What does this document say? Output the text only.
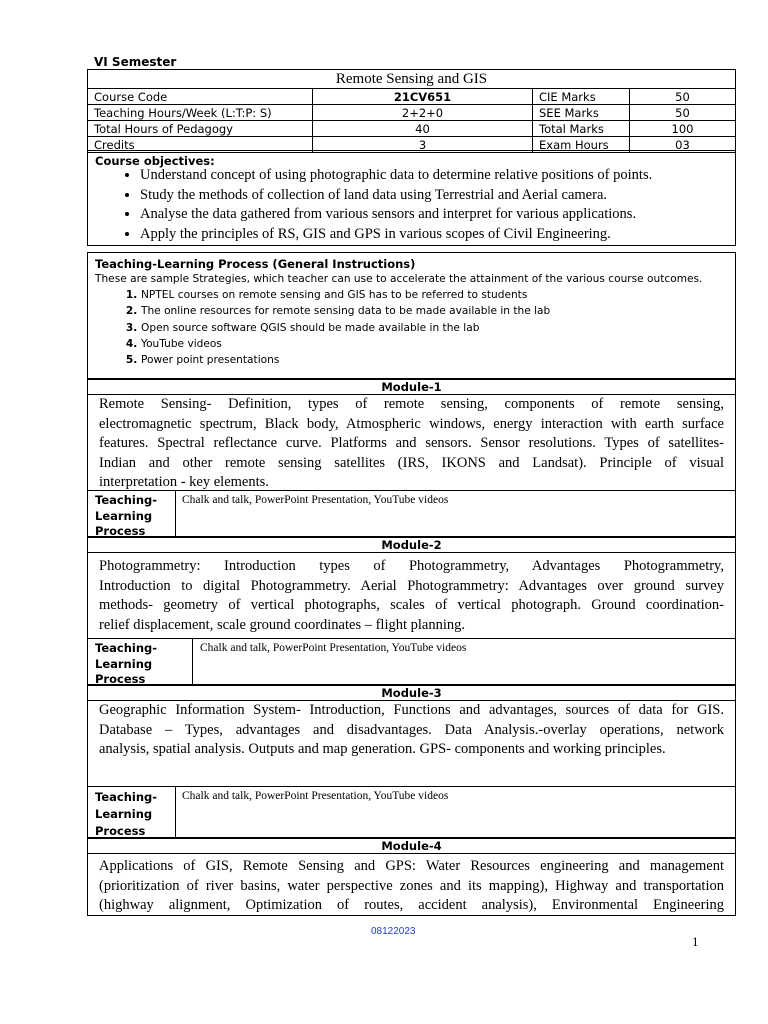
VI Semester
Remote Sensing and GIS			
Course Code	21CV651	CIE Marks	50
Teaching Hours/Week (L:T:P: S)	2+2+0	SEE Marks	50
Total Hours of Pedagogy	40	Total Marks	100
Credits	3	Exam Hours	03
Course objectives:
• Understand concept of using photographic data to determine relative positions of points.
• Study the methods of collection of land data using Terrestrial and Aerial camera.
• Analyse the data gathered from various sensors and interpret for various applications.
• Apply the principles of RS, GIS and GPS in various scopes of Civil Engineering.
Teaching-Learning Process (General Instructions)
These are sample Strategies, which teacher can use to accelerate the attainment of the various course outcomes.
1. NPTEL courses on remote sensing and GIS has to be referred to students
2. The online resources for remote sensing data to be made available in the lab
3. Open source software QGIS should be made available in the lab
4. YouTube videos
5. Power point presentations
Module-1
Remote Sensing- Definition, types of remote sensing, components of remote sensing,
electromagnetic spectrum, Black body, Atmospheric windows, energy interaction with earth surface
features. Spectral reflectance curve. Platforms and sensors. Sensor resolutions. Types of satellites-
Indian and other remote sensing satellites (IRS, IKONS and Landsat). Principle of visual
interpretation - key elements.
Teaching-
Learning
Process
Chalk and talk, PowerPoint Presentation, YouTube videos
Module-2
Photogrammetry: Introduction types of Photogrammetry, Advantages Photogrammetry,
Introduction to digital Photogrammetry. Aerial Photogrammetry: Advantages over ground survey
methods- geometry of vertical photographs, scales of vertical photograph. Ground coordination-
relief displacement, scale ground coordinates – flight planning.
Teaching-
Learning
Process
Chalk and talk, PowerPoint Presentation, YouTube videos
Module-3
Geographic Information System- Introduction, Functions and advantages, sources of data for GIS.
Database – Types, advantages and disadvantages. Data Analysis.-overlay operations, network
analysis, spatial analysis. Outputs and map generation. GPS- components and working principles.
Teaching-
Learning
Process
Chalk and talk, PowerPoint Presentation, YouTube videos
Module-4
Applications of GIS, Remote Sensing and GPS: Water Resources engineering and management
(prioritization of river basins, water perspective zones and its mapping), Highway and transportation
(highway alignment, Optimization of routes, accident analysis), Environmental Engineering
08122023
1
